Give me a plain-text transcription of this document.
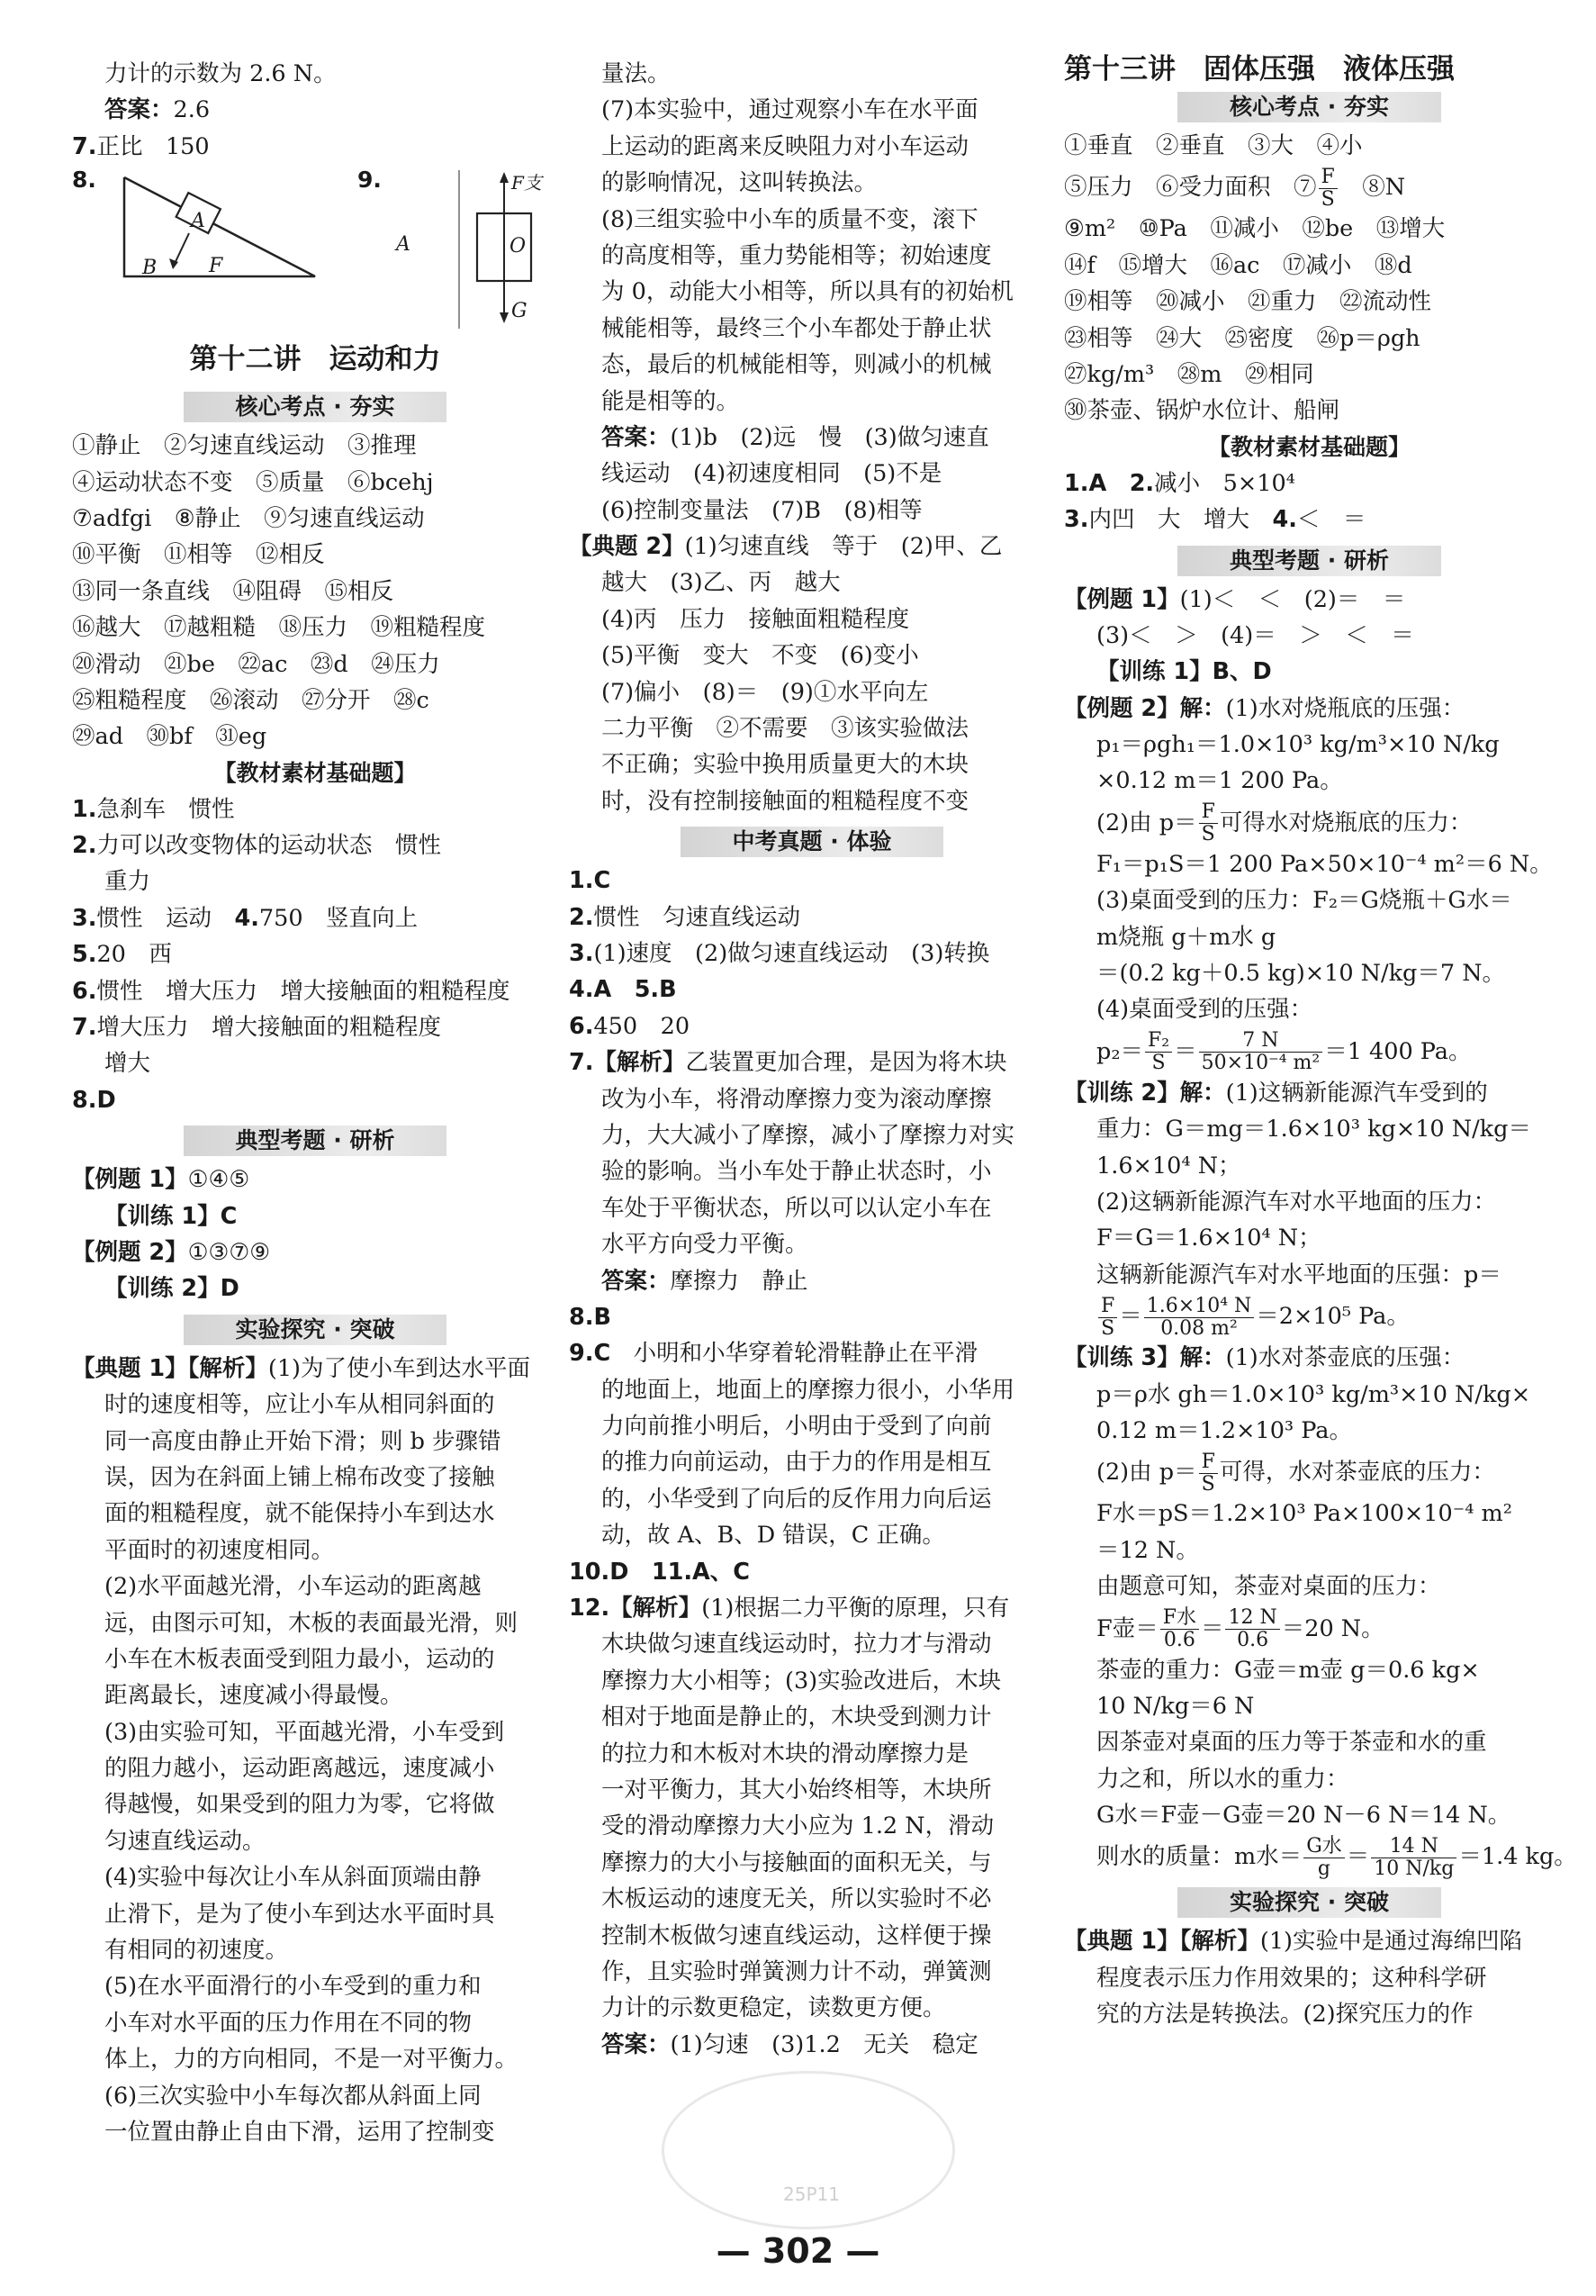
力计的示数为 2.6 N。
答案：2.6
7.正比　150
8.
A
B	F
9.	F支
A	O
G
第十二讲　运动和力
核心考点 · 夯实
①静止　②匀速直线运动　③推理
④运动状态不变　⑤质量　⑥bcehj
⑦adfgi　⑧静止　⑨匀速直线运动
⑩平衡　⑪相等　⑫相反
⑬同一条直线　⑭阻碍　⑮相反
⑯越大　⑰越粗糙　⑱压力　⑲粗糙程度
⑳滑动　㉑be　㉒ac　㉓d　㉔压力
㉕粗糙程度　㉖滚动　㉗分开　㉘c
㉙ad　㉚bf　㉛eg
【教材素材基础题】
1.急刹车　惯性
2.力可以改变物体的运动状态　惯性
重力
3.惯性　运动　4.750　竖直向上
5.20　西
6.惯性　增大压力　增大接触面的粗糙程度
7.增大压力　增大接触面的粗糙程度
增大
8.D
典型考题 · 研析
【例题 1】①④⑤
【训练 1】C
【例题 2】①③⑦⑨
【训练 2】D
实验探究 · 突破
【典题 1】【解析】(1)为了使小车到达水平面
时的速度相等，应让小车从相同斜面的
同一高度由静止开始下滑；则 b 步骤错
误，因为在斜面上铺上棉布改变了接触
面的粗糙程度，就不能保持小车到达水
平面时的初速度相同。
(2)水平面越光滑，小车运动的距离越
远，由图示可知，木板的表面最光滑，则
小车在木板表面受到阻力最小，运动的
距离最长，速度减小得最慢。
(3)由实验可知，平面越光滑，小车受到
的阻力越小，运动距离越远，速度减小
得越慢，如果受到的阻力为零，它将做
匀速直线运动。
(4)实验中每次让小车从斜面顶端由静
止滑下，是为了使小车到达水平面时具
有相同的初速度。
(5)在水平面滑行的小车受到的重力和
小车对水平面的压力作用在不同的物
体上，力的方向相同，不是一对平衡力。
(6)三次实验中小车每次都从斜面上同
一位置由静止自由下滑，运用了控制变
量法。
(7)本实验中，通过观察小车在水平面
上运动的距离来反映阻力对小车运动
的影响情况，这叫转换法。
(8)三组实验中小车的质量不变，滚下
的高度相等，重力势能相等；初始速度
为 0，动能大小相等，所以具有的初始机
械能相等，最终三个小车都处于静止状
态，最后的机械能相等，则减小的机械
能是相等的。
答案：(1)b　(2)远　慢　(3)做匀速直
线运动　(4)初速度相同　(5)不是
(6)控制变量法　(7)B　(8)相等
【典题 2】(1)匀速直线　等于　(2)甲、乙
越大　(3)乙、丙　越大
(4)丙　压力　接触面粗糙程度
(5)平衡　变大　不变　(6)变小
(7)偏小　(8)＝　(9)①水平向左
二力平衡　②不需要　③该实验做法
不正确；实验中换用质量更大的木块
时，没有控制接触面的粗糙程度不变
中考真题 · 体验
1.C
2.惯性　匀速直线运动
3.(1)速度　(2)做匀速直线运动　(3)转换
4.A　5.B
6.450　20
7.【解析】乙装置更加合理，是因为将木块
改为小车，将滑动摩擦力变为滚动摩擦
力，大大减小了摩擦，减小了摩擦力对实
验的影响。当小车处于静止状态时，小
车处于平衡状态，所以可以认定小车在
水平方向受力平衡。
答案：摩擦力　静止
8.B
9.C　小明和小华穿着轮滑鞋静止在平滑
的地面上，地面上的摩擦力很小，小华用
力向前推小明后，小明由于受到了向前
的推力向前运动，由于力的作用是相互
的，小华受到了向后的反作用力向后运
动，故 A、B、D 错误，C 正确。
10.D　11.A、C
12.【解析】(1)根据二力平衡的原理，只有
木块做匀速直线运动时，拉力才与滑动
摩擦力大小相等；(3)实验改进后，木块
相对于地面是静止的，木块受到测力计
的拉力和木板对木块的滑动摩擦力是
一对平衡力，其大小始终相等，木块所
受的滑动摩擦力大小应为 1.2 N，滑动
摩擦力的大小与接触面的面积无关，与
木板运动的速度无关，所以实验时不必
控制木板做匀速直线运动，这样便于操
作，且实验时弹簧测力计不动，弹簧测
力计的示数更稳定，读数更方便。
答案：(1)匀速　(3)1.2　无关　稳定
第十三讲　固体压强　液体压强
核心考点 · 夯实
①垂直　②垂直　③大　④小
⑤压力　⑥受力面积　⑦ $\frac{F}{S}$ 　⑧N
⑨m²　⑩Pa　⑪减小　⑫be　⑬增大
⑭f　⑮增大　⑯ac　⑰减小　⑱d
⑲相等　⑳减小　㉑重力　㉒流动性
㉓相等　㉔大　㉕密度　㉖p＝ρgh
㉗kg/m³　㉘m　㉙相同
㉚茶壶、锅炉水位计、船闸
【教材素材基础题】
1.A　2.减小　5×10⁴
3.内凹　大　增大　4.＜　＝
典型考题 · 研析
【例题 1】(1)＜　＜　(2)＝　＝
(3)＜　＞　(4)＝　＞　＜　＝
【训练 1】B、D
【例题 2】解：(1)水对烧瓶底的压强：
p₁＝ρgh₁＝1.0×10³ kg/m³×10 N/kg
×0.12 m＝1 200 Pa。
(2)由 $p= \frac{F}{S}$ 可得水对烧瓶底的压力：
F₁＝p₁S＝1 200 Pa×50×10⁻⁴ m²＝6 N。
(3)桌面受到的压力：F₂＝G烧瓶＋G水＝
m烧瓶 g＋m水 g
＝(0.2 kg＋0.5 kg)×10 N/kg＝7 N。
(4)桌面受到的压强：
$p_2= \frac{\text{F₂}}{S} = \frac{7 N}{\text{50×10⁻⁴ m²}} =1$ 400 Pa。
【训练 2】解：(1)这辆新能源汽车受到的
重力：G＝mg＝1.6×10³ kg×10 N/kg＝
1.6×10⁴ N；
(2)这辆新能源汽车对水平地面的压力：
F＝G＝1.6×10⁴ N；
这辆新能源汽车对水平地面的压强：p＝
$\frac{F}{S} = \frac{\text{1.6×10⁴ N}}{\text{0.08 m²}} =2\times 10^5$ Pa。
【训练 3】解：(1)水对茶壶底的压强：
p＝ρ水 gh＝1.0×10³ kg/m³×10 N/kg×
0.12 m＝1.2×10³ Pa。
(2)由 $p= \frac{F}{S}$ 可得，水对茶壶底的压力：
F水＝pS＝1.2×10³ Pa×100×10⁻⁴ m²
＝12 N。
由题意可知，茶壶对桌面的压力：
F壶＝ $\frac{\text{F水}}{0.6} = \frac{12 N}{0.6} =20$ N。
茶壶的重力：G壶＝m壶 g＝0.6 kg×
10 N/kg＝6 N
因茶壶对桌面的压力等于茶壶和水的重
力之和，所以水的重力：
G水＝F壶－G壶＝20 N－6 N＝14 N。
则水的质量：m水＝ $\frac{\text{G水}}{g} = \frac{14 N}{10 N/kg} =1.4$ kg。
实验探究 · 突破
【典题 1】【解析】(1)实验中是通过海绵凹陷
程度表示压力作用效果的；这种科学研
究的方法是转换法。(2)探究压力的作
25P11
— 302 —
